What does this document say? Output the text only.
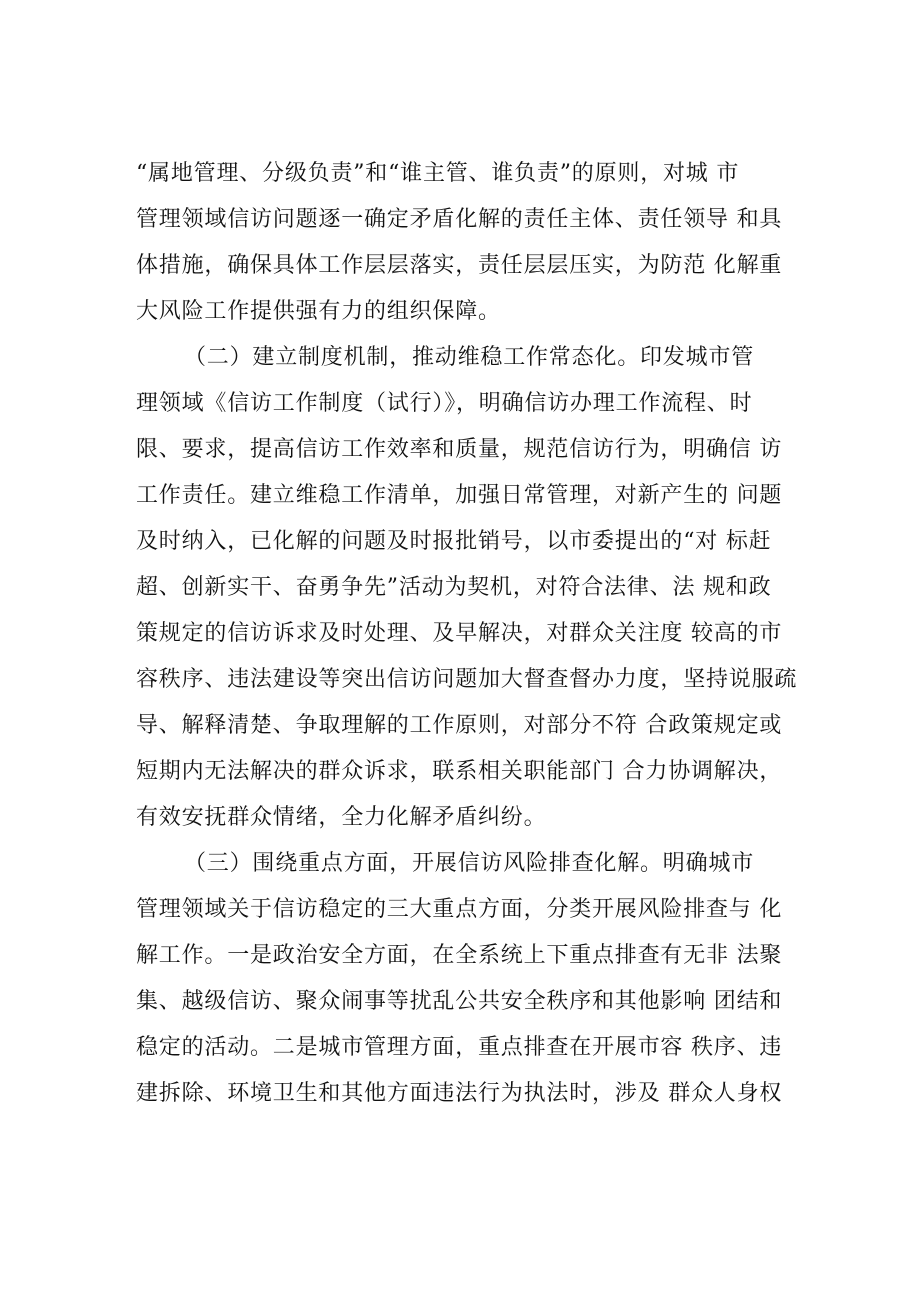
“属地管理、分级负责”和“谁主管、谁负责”的原则，对城 市
管理领域信访问题逐一确定矛盾化解的责任主体、责任领导 和具
体措施，确保具体工作层层落实，责任层层压实，为防范 化解重
大风险工作提供强有力的组织保障。
（二）建立制度机制，推动维稳工作常态化。印发城市管
理领域《信访工作制度（试行）》，明确信访办理工作流程、时
限、要求，提高信访工作效率和质量，规范信访行为，明确信 访
工作责任。建立维稳工作清单，加强日常管理，对新产生的 问题
及时纳入，已化解的问题及时报批销号，以市委提出的“对 标赶
超、创新实干、奋勇争先”活动为契机，对符合法律、法 规和政
策规定的信访诉求及时处理、及早解决，对群众关注度 较高的市
容秩序、违法建设等突出信访问题加大督查督办力度，坚持说服疏
导、解释清楚、争取理解的工作原则，对部分不符 合政策规定或
短期内无法解决的群众诉求，联系相关职能部门 合力协调解决，
有效安抚群众情绪，全力化解矛盾纠纷。
（三）围绕重点方面，开展信访风险排查化解。明确城市
管理领域关于信访稳定的三大重点方面，分类开展风险排查与 化
解工作。一是政治安全方面，在全系统上下重点排查有无非 法聚
集、越级信访、聚众闹事等扰乱公共安全秩序和其他影响 团结和
稳定的活动。二是城市管理方面，重点排查在开展市容 秩序、违
建拆除、环境卫生和其他方面违法行为执法时，涉及 群众人身权
